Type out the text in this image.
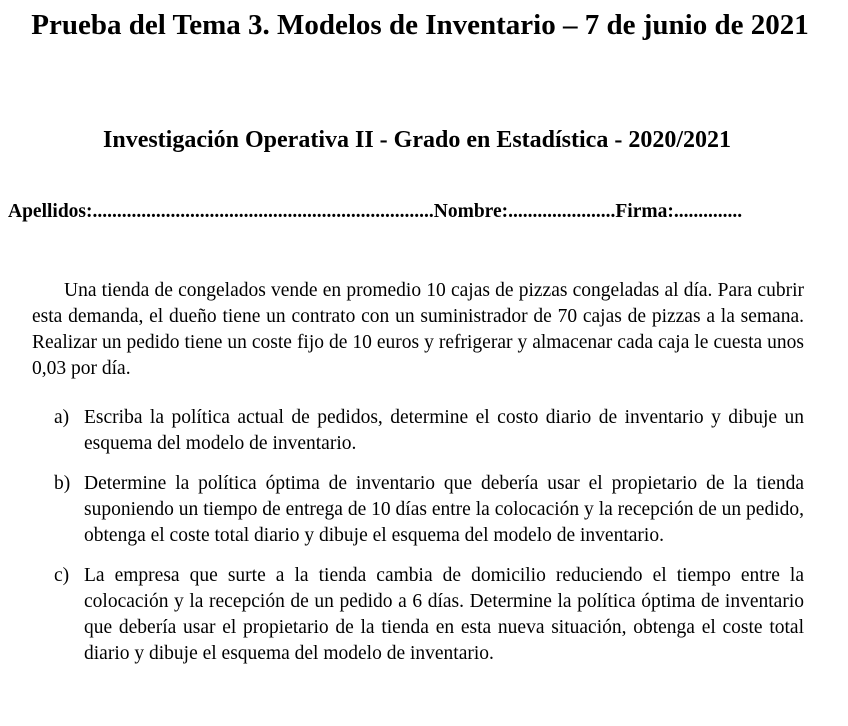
Prueba del Tema 3. Modelos de Inventario – 7 de junio de 2021
Investigación Operativa II - Grado en Estadística - 2020/2021
Apellidos:......................................................................Nombre:......................Firma:..............

Una tienda de congelados vende en promedio 10 cajas de pizzas congeladas al día. Para cubrir esta demanda, el dueño tiene un contrato con un suministrador de 70 cajas de pizzas a la semana. Realizar un pedido tiene un coste fijo de 10 euros y refrigerar y almacenar cada caja le cuesta unos 0,03 por día.

a) Escriba la política actual de pedidos, determine el costo diario de inventario y dibuje un esquema del modelo de inventario.
b) Determine la política óptima de inventario que debería usar el propietario de la tienda suponiendo un tiempo de entrega de 10 días entre la colocación y la recepción de un pedido, obtenga el coste total diario y dibuje el esquema del modelo de inventario.
c) La empresa que surte a la tienda cambia de domicilio reduciendo el tiempo entre la colocación y la recepción de un pedido a 6 días. Determine la política óptima de inventario que debería usar el propietario de la tienda en esta nueva situación, obtenga el coste total diario y dibuje el esquema del modelo de inventario.
